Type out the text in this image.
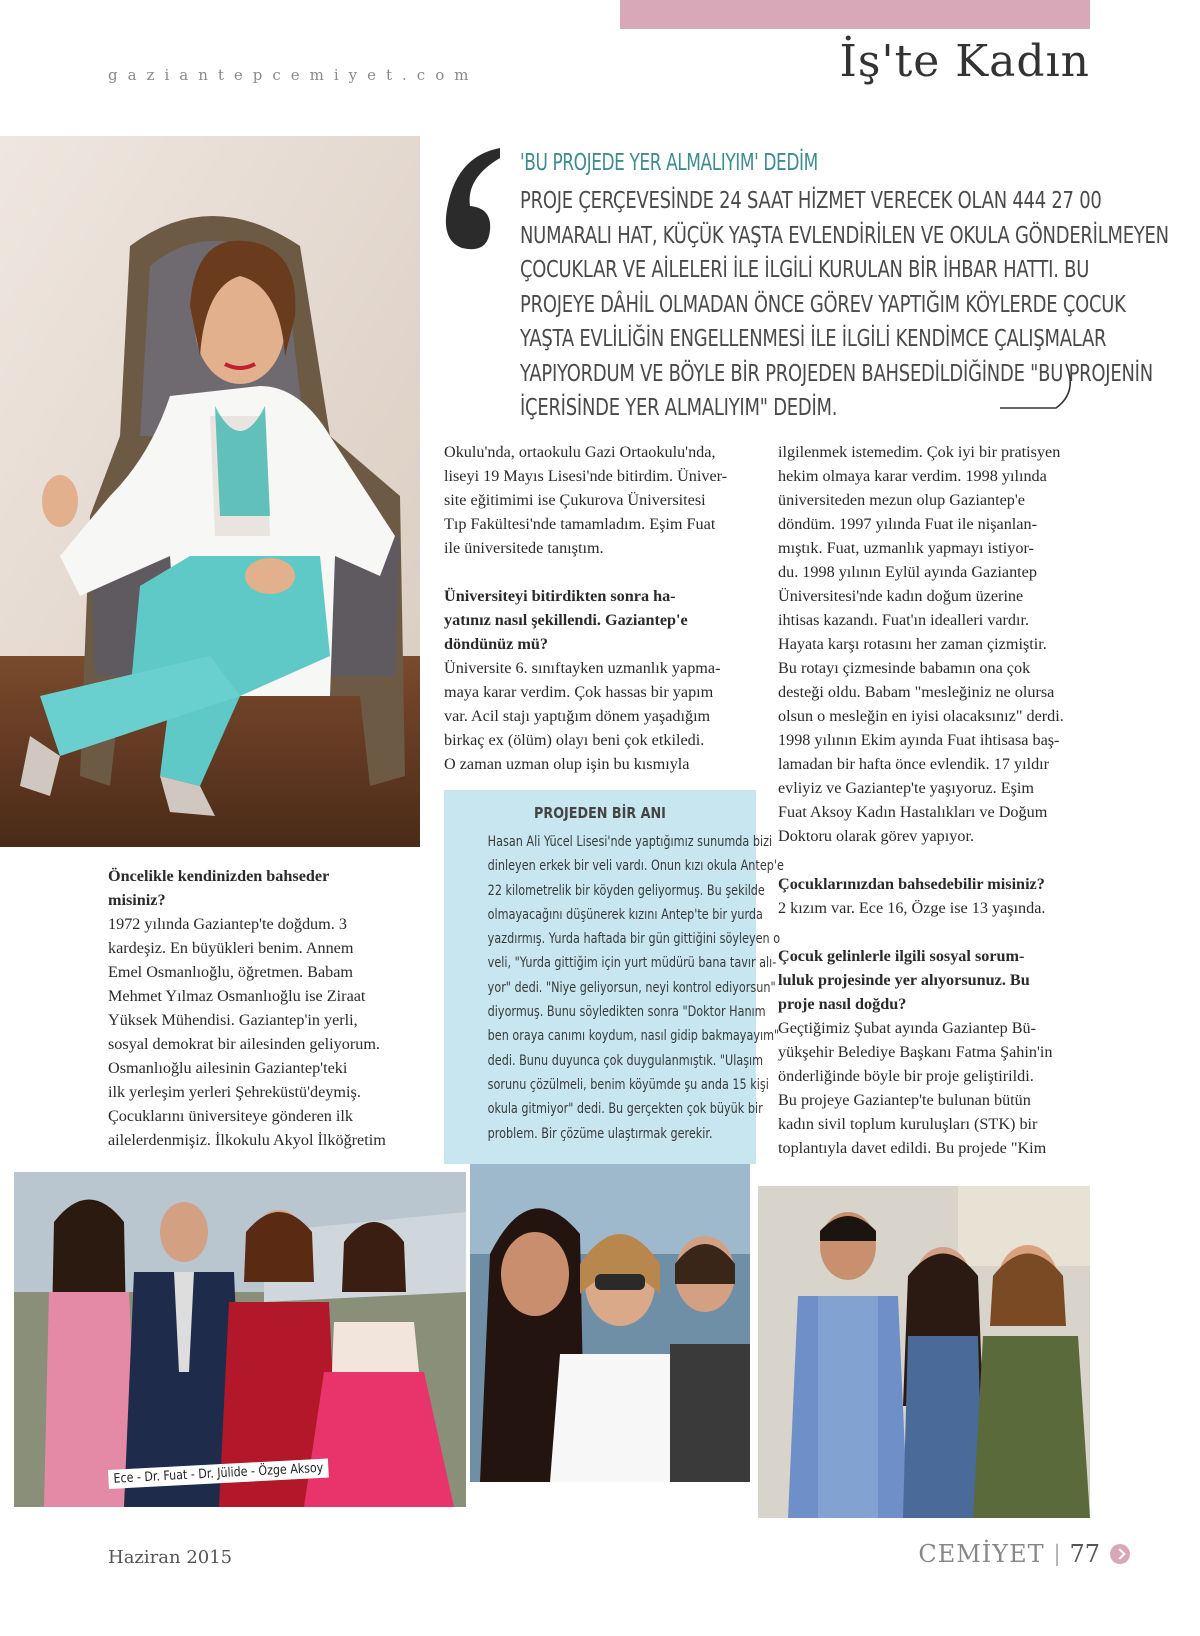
gaziantepcemiyet.com	İş'te Kadın
'BU PROJEDE YER ALMALIYIM' DEDİM
PROJE ÇERÇEVESİNDE 24 SAAT HİZMET VERECEK OLAN 444 27 00
NUMARALI HAT, KÜÇÜK YAŞTA EVLENDİRİLEN VE OKULA GÖNDERİLMEYEN
ÇOCUKLAR VE AİLELERİ İLE İLGİLİ KURULAN BİR İHBAR HATTI. BU
PROJEYE DÂHİL OLMADAN ÖNCE GÖREV YAPTIĞIM KÖYLERDE ÇOCUK
YAŞTA EVLİLİĞİN ENGELLENMESİ İLE İLGİLİ KENDİMCE ÇALIŞMALAR
YAPIYORDUM VE BÖYLE BİR PROJEDEN BAHSEDİLDİĞİNDE "BU PROJENİN
İÇERİSİNDE YER ALMALIYIM" DEDİM.

Öncelikle kendinizden bahseder
misiniz?

1972 yılında Gaziantep'te doğdum. 3
kardeşiz. En büyükleri benim. Annem
Emel Osmanlıoğlu, öğretmen. Babam
Mehmet Yılmaz Osmanlıoğlu ise Ziraat
Yüksek Mühendisi. Gaziantep'in yerli,
sosyal demokrat bir ailesinden geliyorum.
Osmanlıoğlu ailesinin Gaziantep'teki
ilk yerleşim yerleri Şehreküstü'deymiş.
Çocuklarını üniversiteye gönderen ilk
ailelerdenmişiz. İlkokulu Akyol İlköğretim

Okulu'nda, ortaokulu Gazi Ortaokulu'nda,
liseyi 19 Mayıs Lisesi'nde bitirdim. Üniver-
site eğitimimi ise Çukurova Üniversitesi
Tıp Fakültesi'nde tamamladım. Eşim Fuat
ile üniversitede tanıştım.

Üniversiteyi bitirdikten sonra ha-
yatınız nasıl şekillendi. Gaziantep'e
döndünüz mü?

Üniversite 6. sınıftayken uzmanlık yapma-
maya karar verdim. Çok hassas bir yapım
var. Acil stajı yaptığım dönem yaşadığım
birkaç ex (ölüm) olayı beni çok etkiledi.
O zaman uzman olup işin bu kısmıyla

PROJEDEN BİR ANI
Hasan Ali Yücel Lisesi'nde yaptığımız sunumda bizi
dinleyen erkek bir veli vardı. Onun kızı okula Antep'e
22 kilometrelik bir köyden geliyormuş. Bu şekilde
olmayacağını düşünerek kızını Antep'te bir yurda
yazdırmış. Yurda haftada bir gün gittiğini söyleyen o
veli, "Yurda gittiğim için yurt müdürü bana tavır alı-
yor" dedi. "Niye geliyorsun, neyi kontrol ediyorsun"
diyormuş. Bunu söyledikten sonra "Doktor Hanım
ben oraya canımı koydum, nasıl gidip bakmayayım"
dedi. Bunu duyunca çok duygulanmıştık. "Ulaşım
sorunu çözülmeli, benim köyümde şu anda 15 kişi
okula gitmiyor" dedi. Bu gerçekten çok büyük bir
problem. Bir çözüme ulaştırmak gerekir.

ilgilenmek istemedim. Çok iyi bir pratisyen
hekim olmaya karar verdim. 1998 yılında
üniversiteden mezun olup Gaziantep'e
döndüm. 1997 yılında Fuat ile nişanlan-
mıştık. Fuat, uzmanlık yapmayı istiyor-
du. 1998 yılının Eylül ayında Gaziantep
Üniversitesi'nde kadın doğum üzerine
ihtisas kazandı. Fuat'ın idealleri vardır.
Hayata karşı rotasını her zaman çizmiştir.
Bu rotayı çizmesinde babamın ona çok
desteği oldu. Babam "mesleğiniz ne olursa
olsun o mesleğin en iyisi olacaksınız" derdi.
1998 yılının Ekim ayında Fuat ihtisasa baş-
lamadan bir hafta önce evlendik. 17 yıldır
evliyiz ve Gaziantep'te yaşıyoruz. Eşim
Fuat Aksoy Kadın Hastalıkları ve Doğum
Doktoru olarak görev yapıyor.

Çocuklarınızdan bahsedebilir misiniz?

2 kızım var. Ece 16, Özge ise 13 yaşında.

Çocuk gelinlerle ilgili sosyal sorum-
luluk projesinde yer alıyorsunuz. Bu
proje nasıl doğdu?

Geçtiğimiz Şubat ayında Gaziantep Bü-
yükşehir Belediye Başkanı Fatma Şahin'in
önderliğinde böyle bir proje geliştirildi.
Bu projeye Gaziantep'te bulunan bütün
kadın sivil toplum kuruluşları (STK) bir
toplantıyla davet edildi. Bu projede "Kim

Ece - Dr. Fuat - Dr. Jülide - Özge Aksoy
Haziran 2015	CEMİYET | 77
